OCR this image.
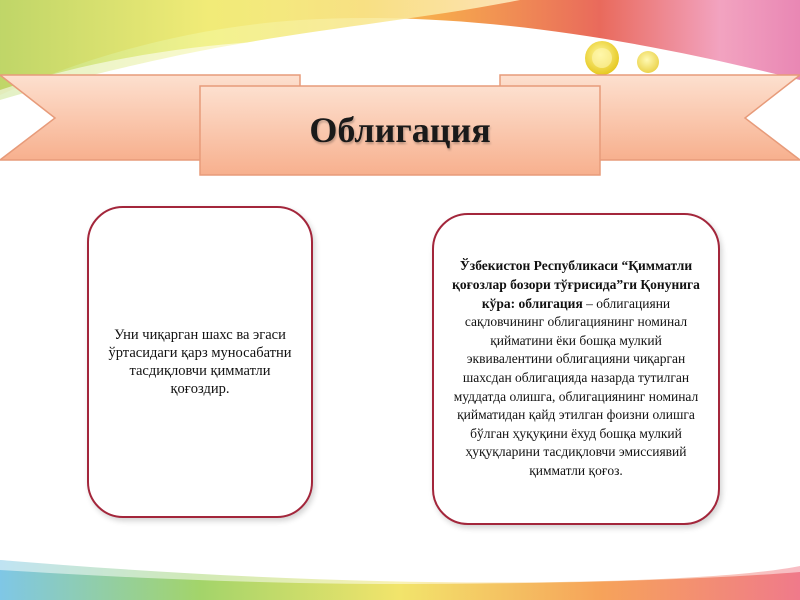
Облигация
Уни чиқарган шахс ва эгаси ўртасидаги қарз муносабатни тасдиқловчи қимматли қоғоздир.
Ўзбекистон Республикаси “Қимматли қоғозлар бозори тўғрисида”ги Қонунига кўра: облигация – облигацияни сақловчининг облигациянинг номинал қийматини ёки бошқа мулкий эквивалентини облигацияни чиқарган шахсдан облигацияда назарда тутилган муддатда олишга, облигациянинг номинал қийматидан қайд этилган фоизни олишга бўлган ҳуқуқини ёхуд бошқа мулкий ҳуқуқларини тасдиқловчи эмиссиявий қимматли қоғоз.
